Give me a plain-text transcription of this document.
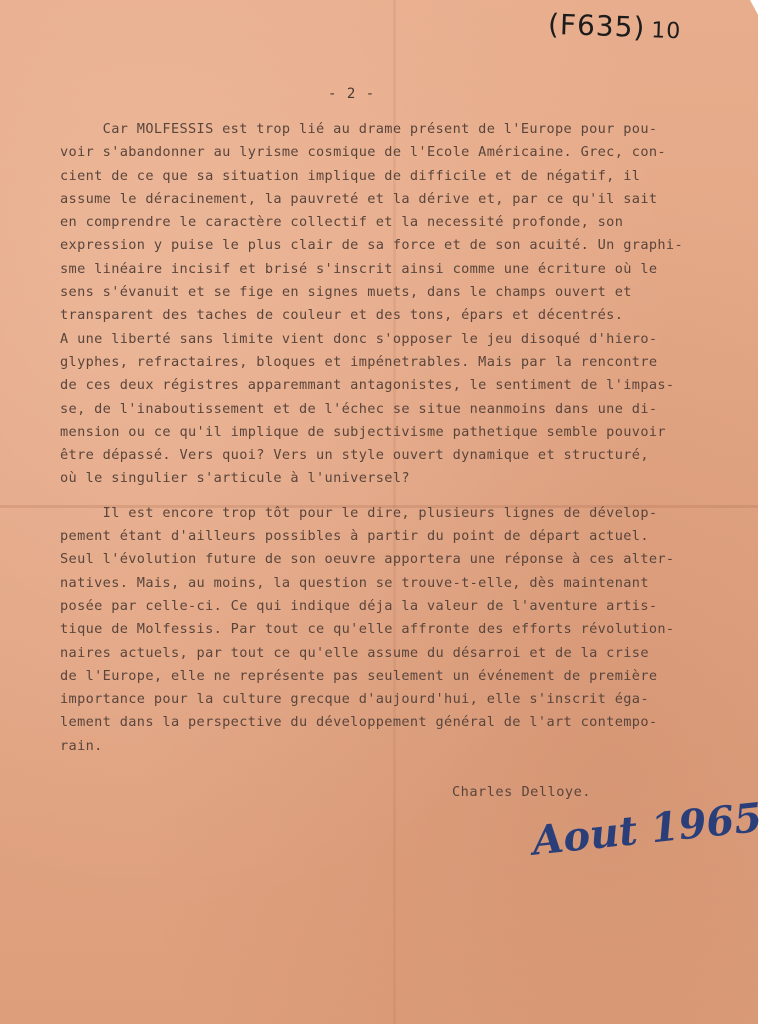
(F635) 10
- 2 -
Car MOLFESSIS est trop lié au drame présent de l'Europe pour pou-
voir s'abandonner au lyrisme cosmique de l'Ecole Américaine. Grec, con-
cient de ce que sa situation implique de difficile et de négatif, il
assume le déracinement, la pauvreté et la dérive et, par ce qu'il sait
en comprendre le caractère collectif et la necessité profonde, son
expression y puise le plus clair de sa force et de son acuité. Un graphi-
sme linéaire incisif et brisé s'inscrit ainsi comme une écriture où le
sens s'évanuit et se fige en signes muets, dans le champs ouvert et
transparent des taches de couleur et des tons, épars et décentrés.
A une liberté sans limite vient donc s'opposer le jeu disoqué d'hiero-
glyphes, refractaires, bloques et impénetrables. Mais par la rencontre
de ces deux régistres apparemmant antagonistes, le sentiment de l'impas-
se, de l'inaboutissement et de l'échec se situe neanmoins dans une di-
mension ou ce qu'il implique de subjectivisme pathetique semble pouvoir
être dépassé. Vers quoi? Vers un style ouvert dynamique et structuré,
où le singulier s'articule à l'universel?
Il est encore trop tôt pour le dire, plusieurs lignes de dévelop-
pement étant d'ailleurs possibles à partir du point de départ actuel.
Seul l'évolution future de son oeuvre apportera une réponse à ces alter-
natives. Mais, au moins, la question se trouve-t-elle, dès maintenant
posée par celle-ci. Ce qui indique déja la valeur de l'aventure artis-
tique de Molfessis. Par tout ce qu'elle affronte des efforts révolution-
naires actuels, par tout ce qu'elle assume du désarroi et de la crise
de l'Europe, elle ne représente pas seulement un événement de première
importance pour la culture grecque d'aujourd'hui, elle s'inscrit éga-
lement dans la perspective du développement général de l'art contempo-
rain.
Charles Delloye.
Aout 1965
